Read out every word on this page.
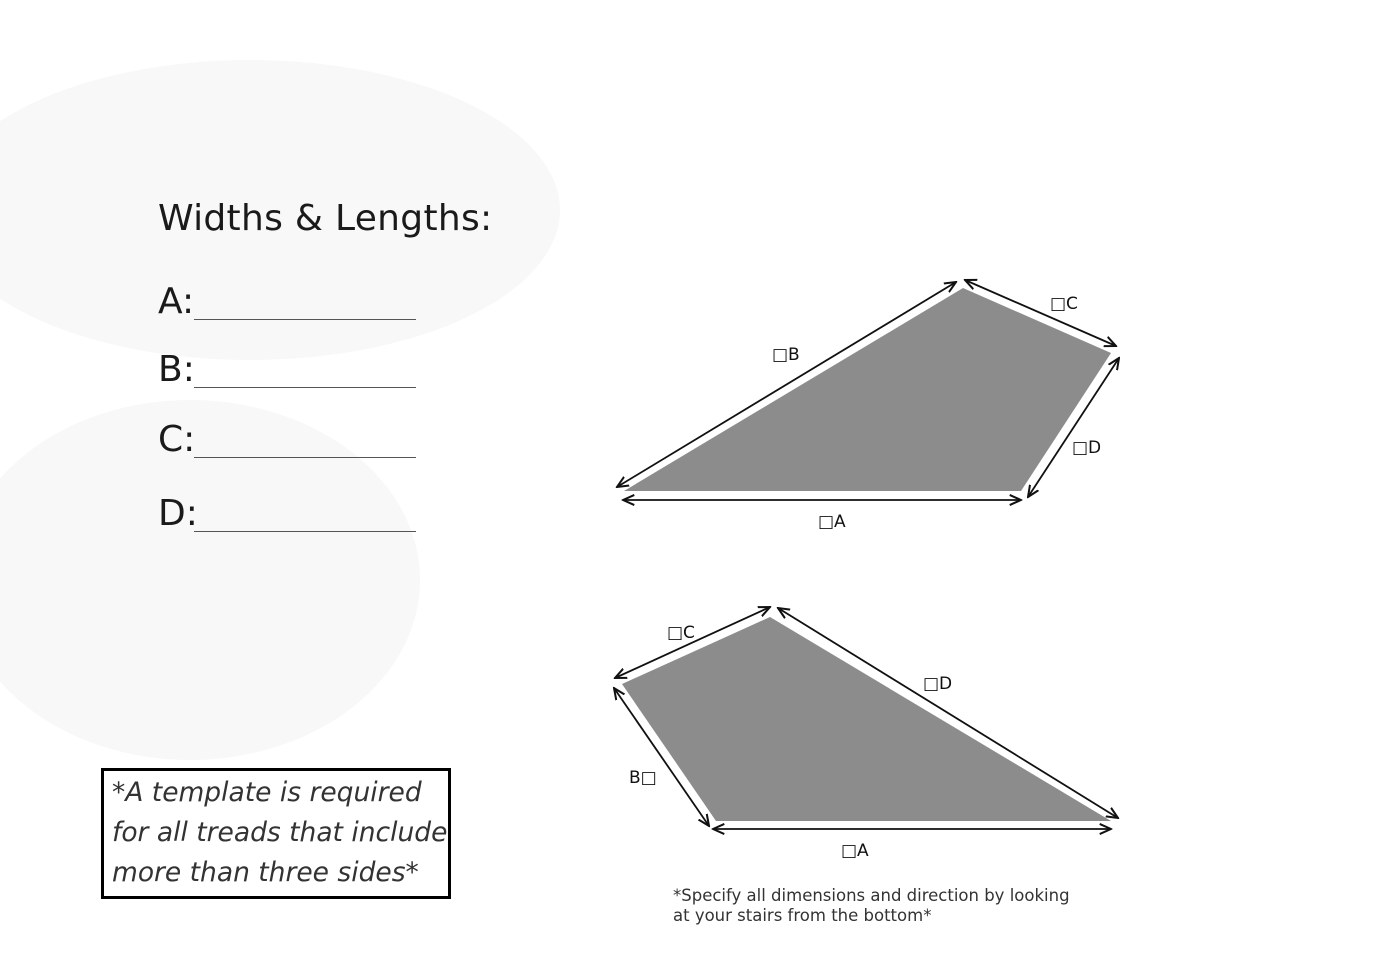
Widths & Lengths:
A:
B:
C:
D:
*A template is required
for all treads that include
more than three sides*
*Specify all dimensions and direction by looking
at your stairs from the bottom*
□A
□B
□C
□D
□A
B□
□C
□D
